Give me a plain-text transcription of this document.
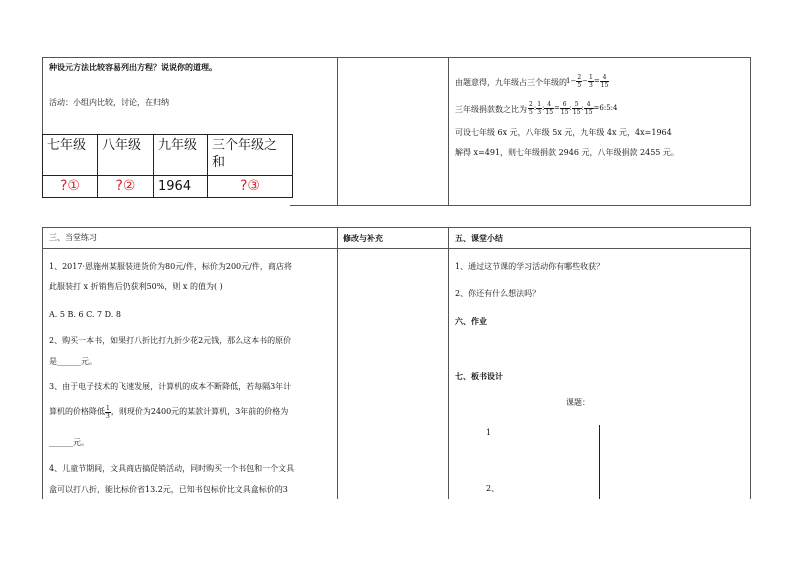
种设元方法比较容易列出方程？说说你的道理。
活动：小组内比较，讨论，在归纳
七年级	八年级	九年级	三个年级之和
?①	?②	1964	?③
由题意得，九年级占三个年级的 $1- \frac{2}{5} - \frac{1}{3} = \frac{4}{15}$
三年级捐款数之比为 $\frac{2}{5}$ : $\frac{1}{3}$ : $\frac{4}{15} = \frac{6}{15}$ : $\frac{5}{15}$ : $\frac{4}{15}$ =6:5:4
可设七年级 6x 元，八年级 5x 元，九年级 4x 元，4x=1964
解得 x=491，则七年级捐款 2946 元，八年级捐款 2455 元。
三、当堂练习
1、2017·恩施州某服装进货价为80元/件，标价为200元/件，商店将
此服装打 x 折销售后仍获利50%，则 x 的值为( )
A. 5 B. 6 C. 7 D. 8
2、购买一本书，如果打八折比打九折少花2元钱，那么这本书的原价
是______元。
3、由于电子技术的飞速发展，计算机的成本不断降低，若每隔3年计
算机的价格降低 $\frac{1}{3}$ ，则现价为2400元的某款计算机，3年前的价格为
______元。
4、儿童节期间，文具商店搞促销活动，同时购买一个书包和一个文具
盒可以打八折，能比标价省13.2元，已知书包标价比文具盒标价的3
修改与补充	五、课堂小结
1、通过这节课的学习活动你有哪些收获？
2、你还有什么想法吗？
六、作业
七、板书设计
课题：
1
2、
